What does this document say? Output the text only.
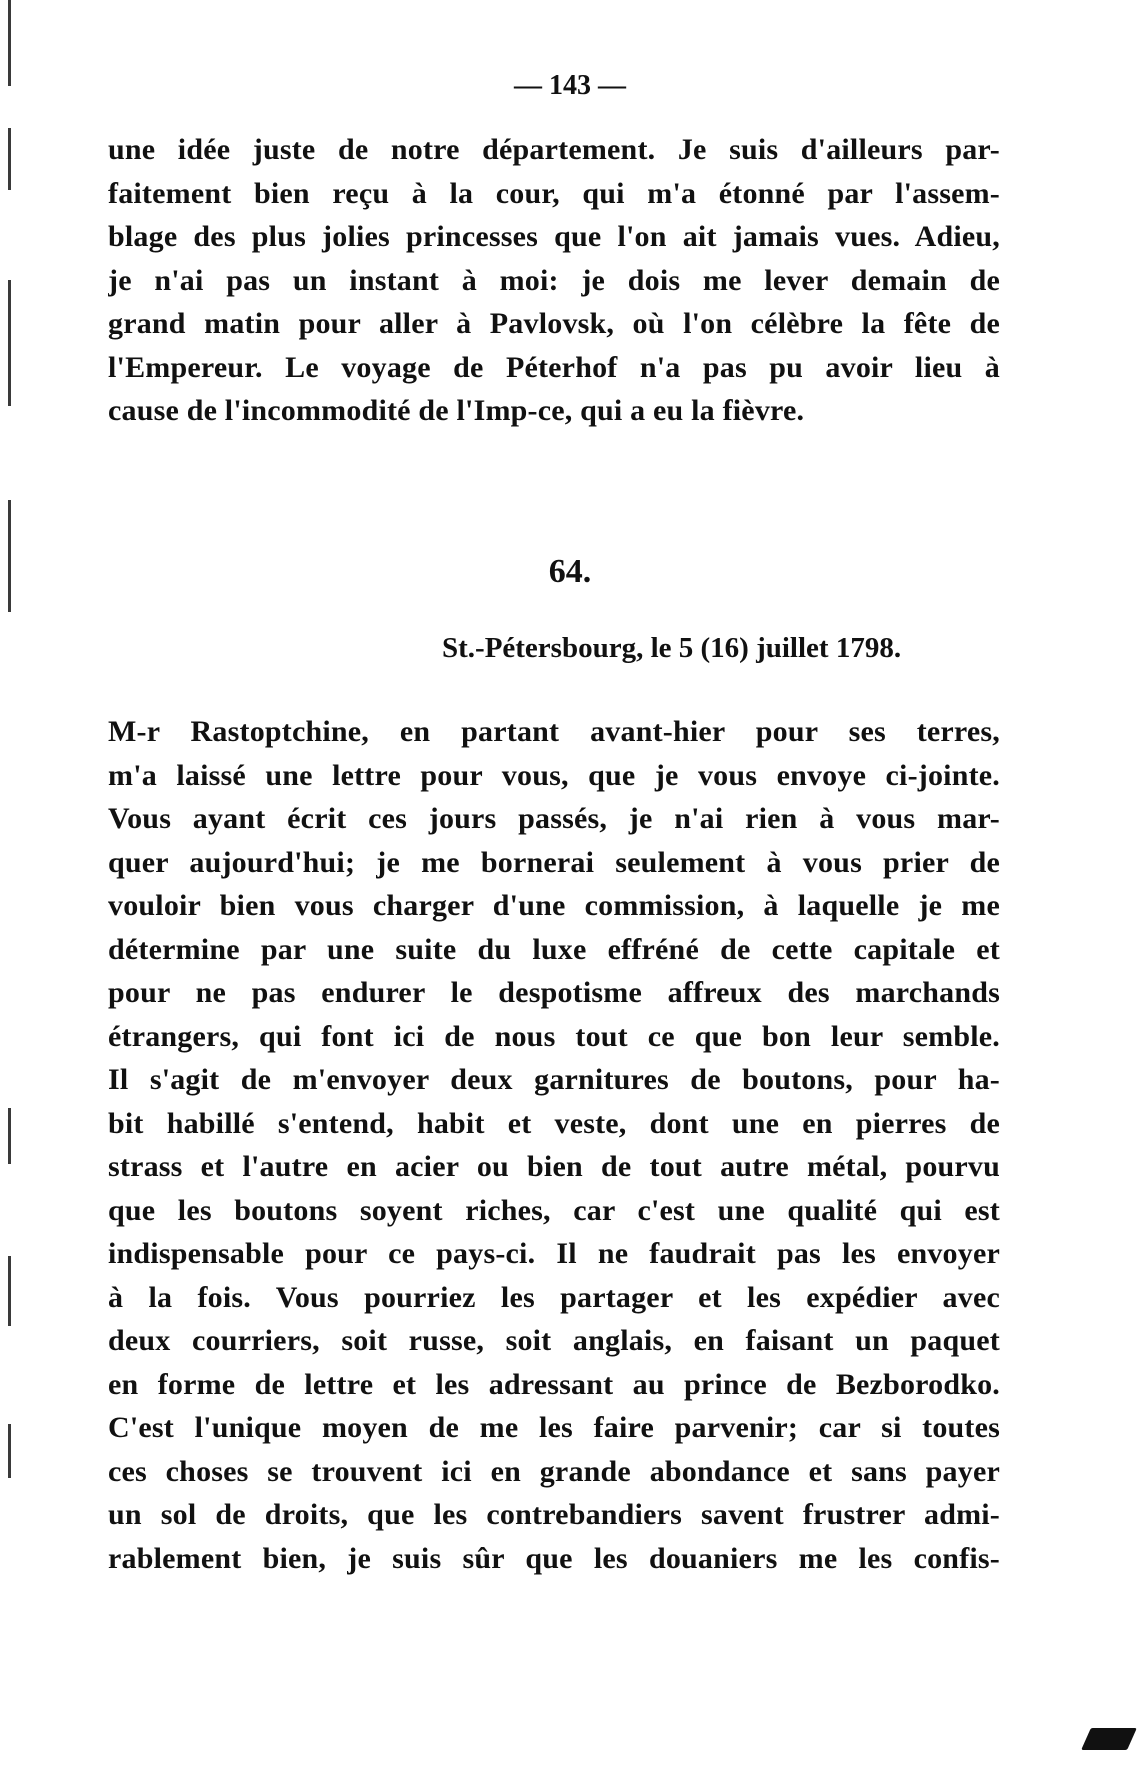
— 143 —
une idée juste de notre département. Je suis d'ailleurs par-
faitement bien reçu à la cour, qui m'a étonné par l'assem-
blage des plus jolies princesses que l'on ait jamais vues. Adieu,
je n'ai pas un instant à moi: je dois me lever demain de
grand matin pour aller à Pavlovsk, où l'on célèbre la fête de
l'Empereur. Le voyage de Péterhof n'a pas pu avoir lieu à
cause de l'incommodité de l'Imp-ce, qui a eu la fièvre.
64.
St.-Pétersbourg, le 5 (16) juillet 1798.
M-r Rastoptchine, en partant avant-hier pour ses terres,
m'a laissé une lettre pour vous, que je vous envoye ci-jointe.
Vous ayant écrit ces jours passés, je n'ai rien à vous mar-
quer aujourd'hui; je me bornerai seulement à vous prier de
vouloir bien vous charger d'une commission, à laquelle je me
détermine par une suite du luxe effréné de cette capitale et
pour ne pas endurer le despotisme affreux des marchands
étrangers, qui font ici de nous tout ce que bon leur semble.
Il s'agit de m'envoyer deux garnitures de boutons, pour ha-
bit habillé s'entend, habit et veste, dont une en pierres de
strass et l'autre en acier ou bien de tout autre métal, pourvu
que les boutons soyent riches, car c'est une qualité qui est
indispensable pour ce pays-ci. Il ne faudrait pas les envoyer
à la fois. Vous pourriez les partager et les expédier avec
deux courriers, soit russe, soit anglais, en faisant un paquet
en forme de lettre et les adressant au prince de Bezborodko.
C'est l'unique moyen de me les faire parvenir; car si toutes
ces choses se trouvent ici en grande abondance et sans payer
un sol de droits, que les contrebandiers savent frustrer admi-
rablement bien, je suis sûr que les douaniers me les confis-
